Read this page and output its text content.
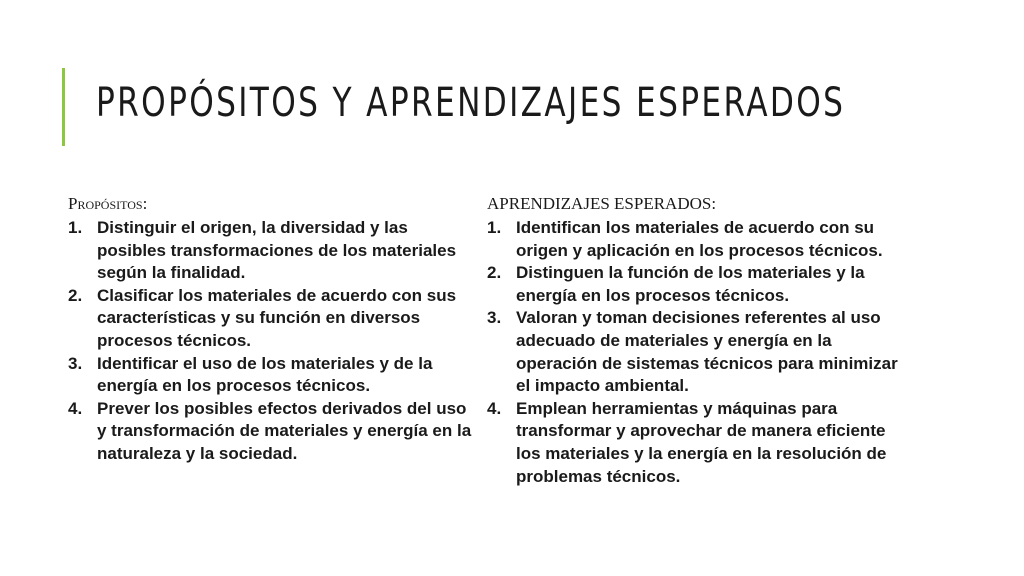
PROPÓSITOS Y APRENDIZAJES ESPERADOS
Propósitos:
1. Distinguir el origen, la diversidad y las posibles transformaciones de los materiales según la finalidad.
2. Clasificar los materiales de acuerdo con sus características y su función en diversos procesos técnicos.
3. Identificar el uso de los materiales y de la energía en los procesos técnicos.
4. Prever los posibles efectos derivados del uso y transformación de materiales y energía en la naturaleza y la sociedad.
APRENDIZAJES ESPERADOS:
1. Identifican los materiales de acuerdo con su origen y aplicación en los procesos técnicos.
2. Distinguen la función de los materiales y la energía en los procesos técnicos.
3. Valoran y toman decisiones referentes al uso adecuado de materiales y energía en la operación de sistemas técnicos para minimizar el impacto ambiental.
4. Emplean herramientas y máquinas para transformar y aprovechar de manera eficiente los materiales y la energía en la resolución de problemas técnicos.
